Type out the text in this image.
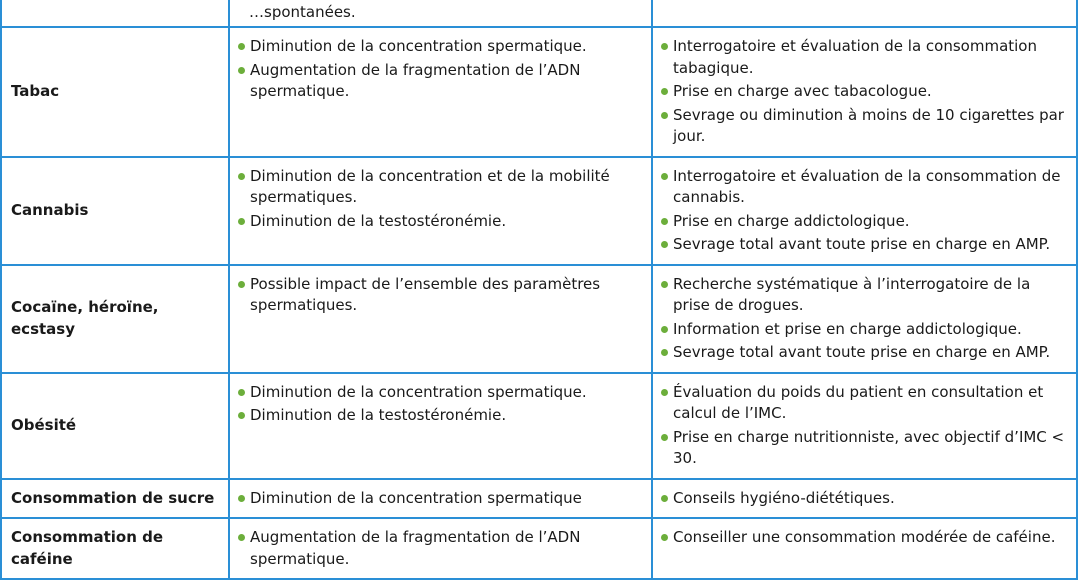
…spontanées.
Tabac
Diminution de la concentration spermatique.
Augmentation de la fragmentation de l’ADN spermatique.
Interrogatoire et évaluation de la consommation tabagique.
Prise en charge avec tabacologue.
Sevrage ou diminution à moins de 10 cigarettes par jour.
Cannabis
Diminution de la concentration et de la mobilité spermatiques.
Diminution de la testostéronémie.
Interrogatoire et évaluation de la consommation de cannabis.
Prise en charge addictologique.
Sevrage total avant toute prise en charge en AMP.
Cocaïne, héroïne, ecstasy
Possible impact de l’ensemble des paramètres spermatiques.
Recherche systématique à l’interrogatoire de la prise de drogues.
Information et prise en charge addictologique.
Sevrage total avant toute prise en charge en AMP.
Obésité
Diminution de la concentration spermatique.
Diminution de la testostéronémie.
Évaluation du poids du patient en consultation et calcul de l’IMC.
Prise en charge nutritionniste, avec objectif d’IMC < 30.
Consommation de sucre	Diminution de la concentration spermatique	Conseils hygiéno-diététiques.
Consommation de caféine
Augmentation de la fragmentation de l’ADN spermatique.
Conseiller une consommation modérée de caféine.
